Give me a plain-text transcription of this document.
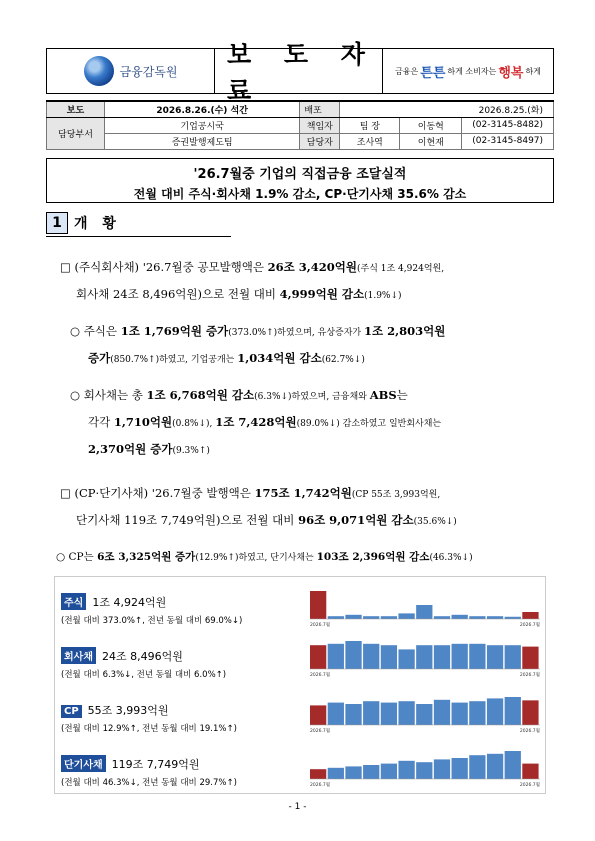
금융감독원
보 도 자 료
금융은 튼튼 하게 소비자는 행복 하게
보도	2026.8.26.(수) 석간	배포	2026.8.25.(화)		
담당부서	기업공시국	책임자	팀 장	이동혁	(02-3145-8482)
	증권발행제도팀	담당자	조사역	이현재	(02-3145-8497)
'26.7월중 기업의 직접금융 조달실적
전월 대비 주식·회사채 1.9% 감소, CP·단기사채 35.6% 감소
1 개 황
□ (주식회사채) '26.7월중 공모발행액은 26조 3,420억원(주식 1조 4,924억원,
회사채 24조 8,496억원)으로 전월 대비 4,999억원 감소(1.9%↓)
○ 주식은 1조 1,769억원 증가(373.0%↑)하였으며, 유상증자가 1조 2,803억원
증가(850.7%↑)하였고, 기업공개는 1,034억원 감소(62.7%↓)
○ 회사채는 총 1조 6,768억원 감소(6.3%↓)하였으며, 금융채와 ABS는
각각 1,710억원(0.8%↓), 1조 7,428억원(89.0%↓) 감소하였고 일반회사채는
2,370억원 증가(9.3%↑)
□ (CP·단기사채) '26.7월중 발행액은 175조 1,742억원(CP 55조 3,993억원,
단기사채 119조 7,749억원)으로 전월 대비 96조 9,071억원 감소(35.6%↓)
○ CP는 6조 3,325억원 증가(12.9%↑)하였고, 단기사채는 103조 2,396억원 감소(46.3%↓)
주식 1조 4,924억원
(전월 대비 373.0%↑, 전년 동월 대비 69.0%↓)
회사채 24조 8,496억원
(전월 대비 6.3%↓, 전년 동월 대비 6.0%↑)
CP 55조 3,993억원
(전월 대비 12.9%↑, 전년 동월 대비 19.1%↑)
단기사채 119조 7,749억원
(전월 대비 46.3%↓, 전년 동월 대비 29.7%↑)
2026.7월	2026.7월
2026.7월	2026.7월
2026.7월	2026.7월
2026.7월	2026.7월
- 1 -
